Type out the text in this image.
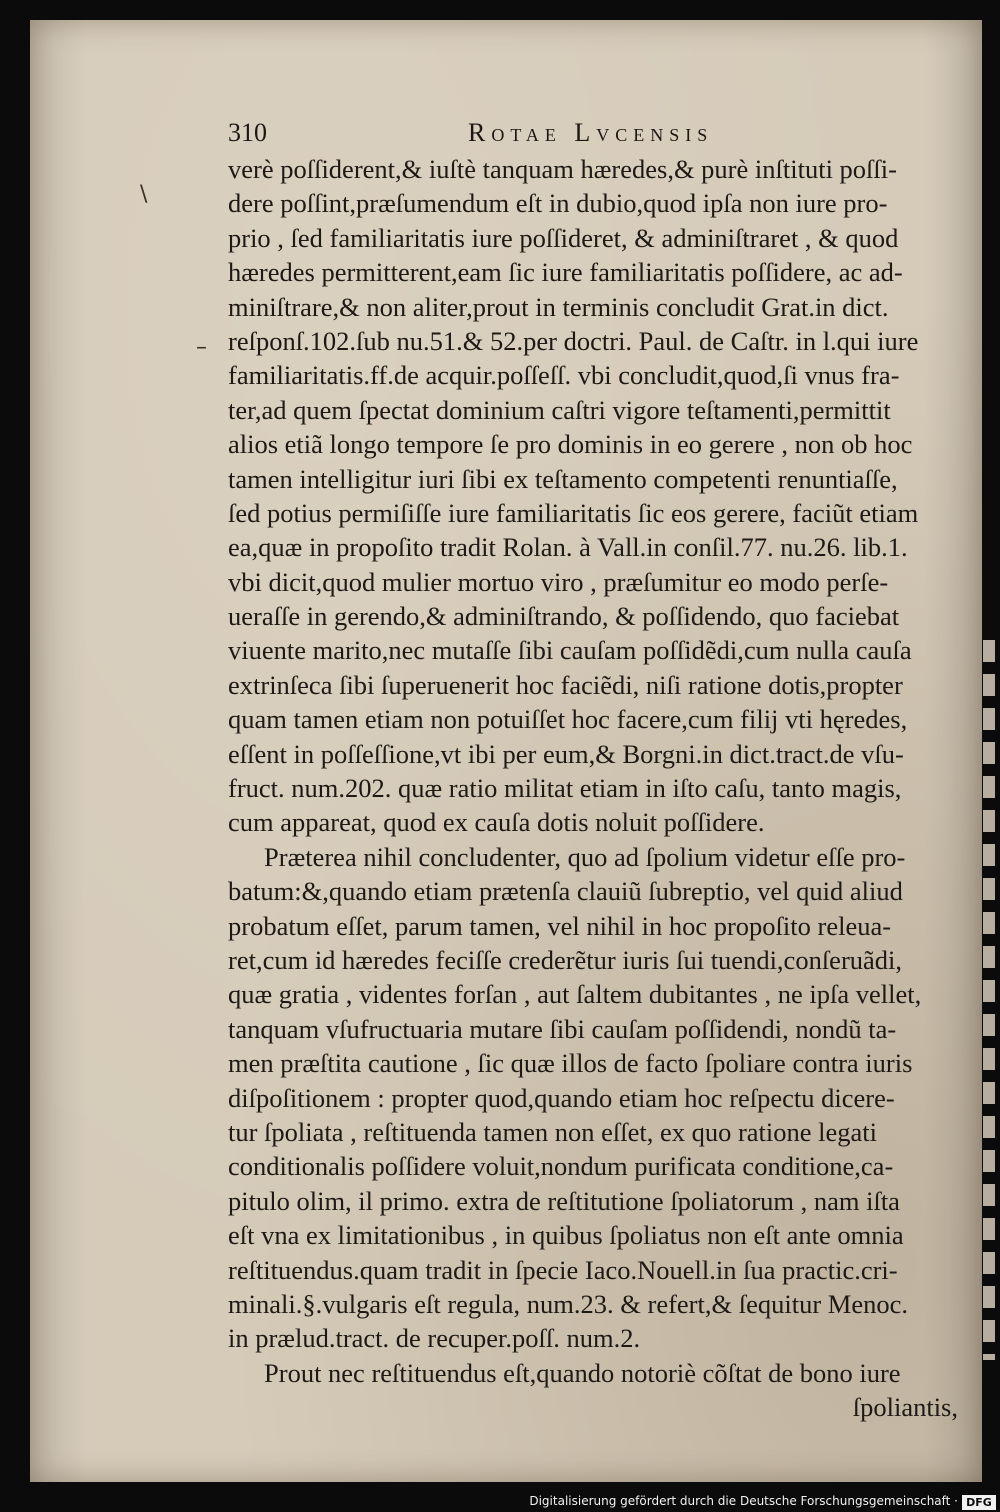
310	Rotae Lvcensis
\
–
verè poſſiderent,& iuſtè tanquam hæredes,& purè inſtituti poſſi-
dere poſſint,præſumendum eſt in dubio,quod ipſa non iure pro-
prio , ſed familiaritatis iure poſſideret, & adminiſtraret , & quod
hæredes permitterent,eam ſic iure familiaritatis poſſidere, ac ad-
miniſtrare,& non aliter,prout in terminis concludit Grat.in dict.
reſponſ.102.ſub nu.51.& 52.per doctri. Paul. de Caſtr. in l.qui iure
familiaritatis.ff.de acquir.poſſeſſ. vbi concludit,quod,ſi vnus fra-
ter,ad quem ſpectat dominium caſtri vigore teſtamenti,permittit
alios etiã longo tempore ſe pro dominis in eo gerere , non ob hoc
tamen intelligitur iuri ſibi ex teſtamento competenti renuntiaſſe,
ſed potius permiſiſſe iure familiaritatis ſic eos gerere, faciũt etiam
ea,quæ in propoſito tradit Rolan. à Vall.in conſil.77. nu.26. lib.1.
vbi dicit,quod mulier mortuo viro , præſumitur eo modo perſe-
ueraſſe in gerendo,& adminiſtrando, & poſſidendo, quo faciebat
viuente marito,nec mutaſſe ſibi cauſam poſſidẽdi,cum nulla cauſa
extrinſeca ſibi ſuperuenerit hoc faciẽdi, niſi ratione dotis,propter
quam tamen etiam non potuiſſet hoc facere,cum filij vti hęredes,
eſſent in poſſeſſione,vt ibi per eum,& Borgni.in dict.tract.de vſu-
fruct. num.202. quæ ratio militat etiam in iſto caſu, tanto magis,
cum appareat, quod ex cauſa dotis noluit poſſidere.
Præterea nihil concludenter, quo ad ſpolium videtur eſſe pro-
batum:&,quando etiam prætenſa clauiũ ſubreptio, vel quid aliud
probatum eſſet, parum tamen, vel nihil in hoc propoſito releua-
ret,cum id hæredes feciſſe crederẽtur iuris ſui tuendi,conſeruãdi,
quæ gratia , videntes forſan , aut ſaltem dubitantes , ne ipſa vellet,
tanquam vſufructuaria mutare ſibi cauſam poſſidendi, nondũ ta-
men præſtita cautione , ſic quæ illos de facto ſpoliare contra iuris
diſpoſitionem : propter quod,quando etiam hoc reſpectu dicere-
tur ſpoliata , reſtituenda tamen non eſſet, ex quo ratione legati
conditionalis poſſidere voluit,nondum purificata conditione,ca-
pitulo olim, il primo. extra de reſtitutione ſpoliatorum , nam iſta
eſt vna ex limitationibus , in quibus ſpoliatus non eſt ante omnia
reſtituendus.quam tradit in ſpecie Iaco.Nouell.in ſua practic.cri-
minali.§.vulgaris eſt regula, num.23. & refert,& ſequitur Menoc.
in prælud.tract. de recuper.poſſ. num.2.
Prout nec reſtituendus eſt,quando notoriè cõſtat de bono iure
ſpoliantis,
Digitalisierung gefördert durch die Deutsche Forschungsgemeinschaft · DFG
